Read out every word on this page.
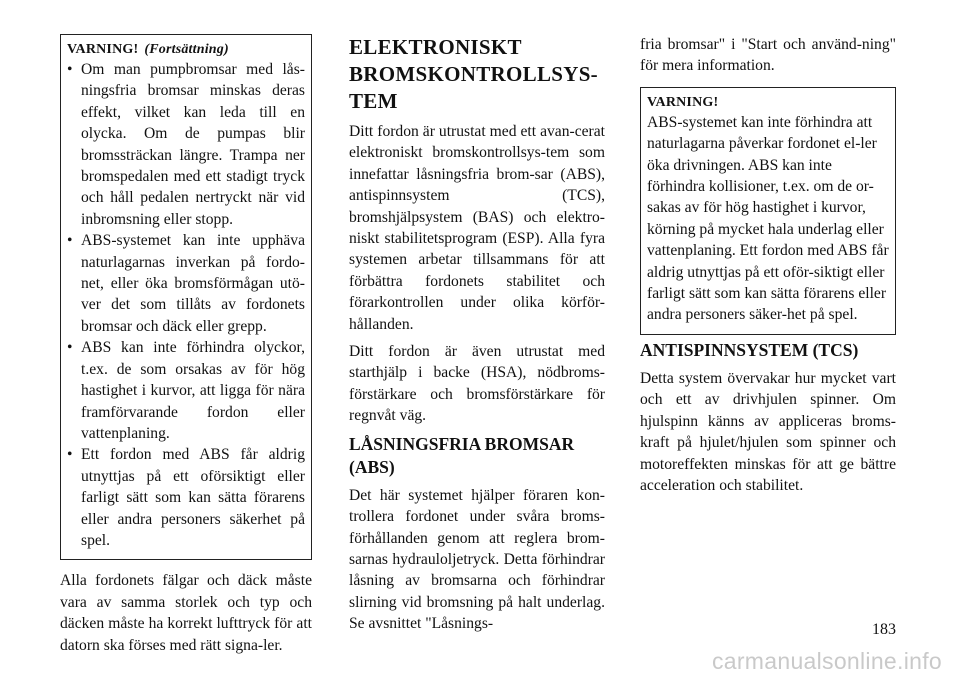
VARNING! (Fortsättning)
• Om man pumpbromsar med lås-ningsfria bromsar minskas deras effekt, vilket kan leda till en olycka. Om de pumpas blir bromssträckan längre. Trampa ner bromspedalen med ett stadigt tryck och håll pedalen nertryckt när vid inbromsning eller stopp.
• ABS-systemet kan inte upphäva naturlagarnas inverkan på fordo-net, eller öka bromsförmågan utö-ver det som tillåts av fordonets bromsar och däck eller grepp.
• ABS kan inte förhindra olyckor, t.ex. de som orsakas av för hög hastighet i kurvor, att ligga för nära framförvarande fordon eller vattenplaning.
• Ett fordon med ABS får aldrig utnyttjas på ett oförsiktigt eller farligt sätt som kan sätta förarens eller andra personers säkerhet på spel.

Alla fordonets fälgar och däck måste vara av samma storlek och typ och däcken måste ha korrekt lufttryck för att datorn ska förses med rätt signa-ler.

ELEKTRONISKT BROMSKONTROLLSYS-TEM

Ditt fordon är utrustat med ett avan-cerat elektroniskt bromskontrollsys-tem som innefattar låsningsfria brom-sar (ABS), antispinnsystem (TCS), bromshjälpsystem (BAS) och elektro-niskt stabilitetsprogram (ESP). Alla fyra systemen arbetar tillsammans för att förbättra fordonets stabilitet och förarkontrollen under olika körför-hållanden.

Ditt fordon är även utrustat med starthjälp i backe (HSA), nödbroms-förstärkare och bromsförstärkare för regnvåt väg.

LÅSNINGSFRIA BROMSAR (ABS)

Det här systemet hjälper föraren kon-trollera fordonet under svåra broms-förhållanden genom att reglera brom-sarnas hydrauloljetryck. Detta förhindrar låsning av bromsarna och förhindrar slirning vid bromsning på halt underlag. Se avsnittet "Låsnings-

fria bromsar" i "Start och använd-ning" för mera information.

VARNING!

ABS-systemet kan inte förhindra att naturlagarna påverkar fordonet el-ler öka drivningen. ABS kan inte förhindra kollisioner, t.ex. om de or-sakas av för hög hastighet i kurvor, körning på mycket hala underlag eller vattenplaning. Ett fordon med ABS får aldrig utnyttjas på ett oför-siktigt eller farligt sätt som kan sätta förarens eller andra personers säker-het på spel.

ANTISPINNSYSTEM (TCS)

Detta system övervakar hur mycket vart och ett av drivhjulen spinner. Om hjulspinn känns av appliceras broms-kraft på hjulet/hjulen som spinner och motoreffekten minskas för att ge bättre acceleration och stabilitet.

183
carmanualsonline.info
